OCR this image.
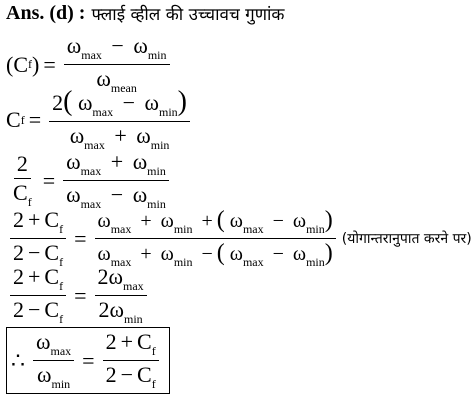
Ans. (d) : फ्लाई व्हील की उच्चावच गुणांक
( C f ) = $\frac{\omega_{max} - \omega_{min}}{\omega_{mean}}$
C $f = \frac{2( \omega_{max} - \omega_{min})}{\omega_{max} + \omega_{min}}$
$\frac{2}{C_f} = \frac{\omega_{max} + \omega_{min}}{\omega_{max} - \omega_{min}}$
$\frac{2 + C_f}{2 - C_f}$ =
$\omega_{max} + \omega_{min}$ + ( $\omega_{max} - \omega_{min}$)
$\omega_{max} + \omega_{min}$ − ( $\omega_{max} - \omega_{min}$)
(योगान्तरानुपात करने पर)
$\frac{2 + C_f}{2 - C_f} = \frac{2\omega_{max}}{2\omega_{min}}$
∴ $\frac{\omega_{max}}{\omega_{min}} = \frac{2 + C_f}{2 - C_f}$
